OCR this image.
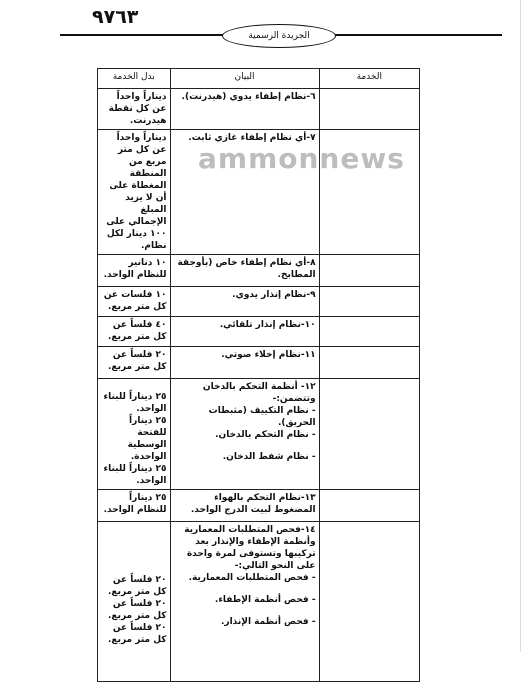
٩٧٦٣
الجريدة الرسمية
الخدمة	البيان	بدل الخدمة
	٦-نظام إطفاء يدوي (هيدرنت).	ديناراً واحداً عن كل نقطة هيدرنت.
	٧-أي نظام إطفاء غازي ثابت.	ديناراً واحداً عن كل متر مربع من المنطقة المغطاة على أن لا يزيد المبلغ الإجمالي على ١٠٠ دينار لكل نظام.
	٨-أي نظام إطفاء خاص (بأوجقة المطابخ.	١٠ دنانير للنظام الواحد.
	٩-نظام إنذار يدوي.	١٠ فلسات عن كل متر مربع.
	١٠-نظام إنذار تلقائي.	٤٠ فلساً عن كل متر مربع.
	١١-نظام إخلاء صوتي.	٢٠ فلساً عن كل متر مربع.

	١٢- أنظمة التحكم بالدخان وتتضمن:-
- نظام التكييف (مثبطات الحريق).
- نظام التحكم بالدخان.
- نظام شفط الدخان.	٢٥ ديناراً للبناء الواحد.
٢٥ ديناراً للفتحة الوسطية الواحدة.
٢٥ ديناراً للبناء الواحد.

	١٣-نظام التحكم بالهواء المضغوط لبيت الدرج الواحد.	٢٥ ديناراً للنظام الواحد.

	١٤-فحص المتطلبات المعمارية وأنظمة الإطفاء والإنذار بعد تركيبها وتستوفى لمرة واحدة على النحو التالي:-
- فحص المتطلبات المعمارية.
- فحص أنظمة الإطفاء.
- فحص أنظمة الإنذار.	٢٠ فلساً عن كل متر مربع.
٢٠ فلساً عن كل متر مربع.
٢٠ فلساً عن كل متر مربع.
ammonnews
